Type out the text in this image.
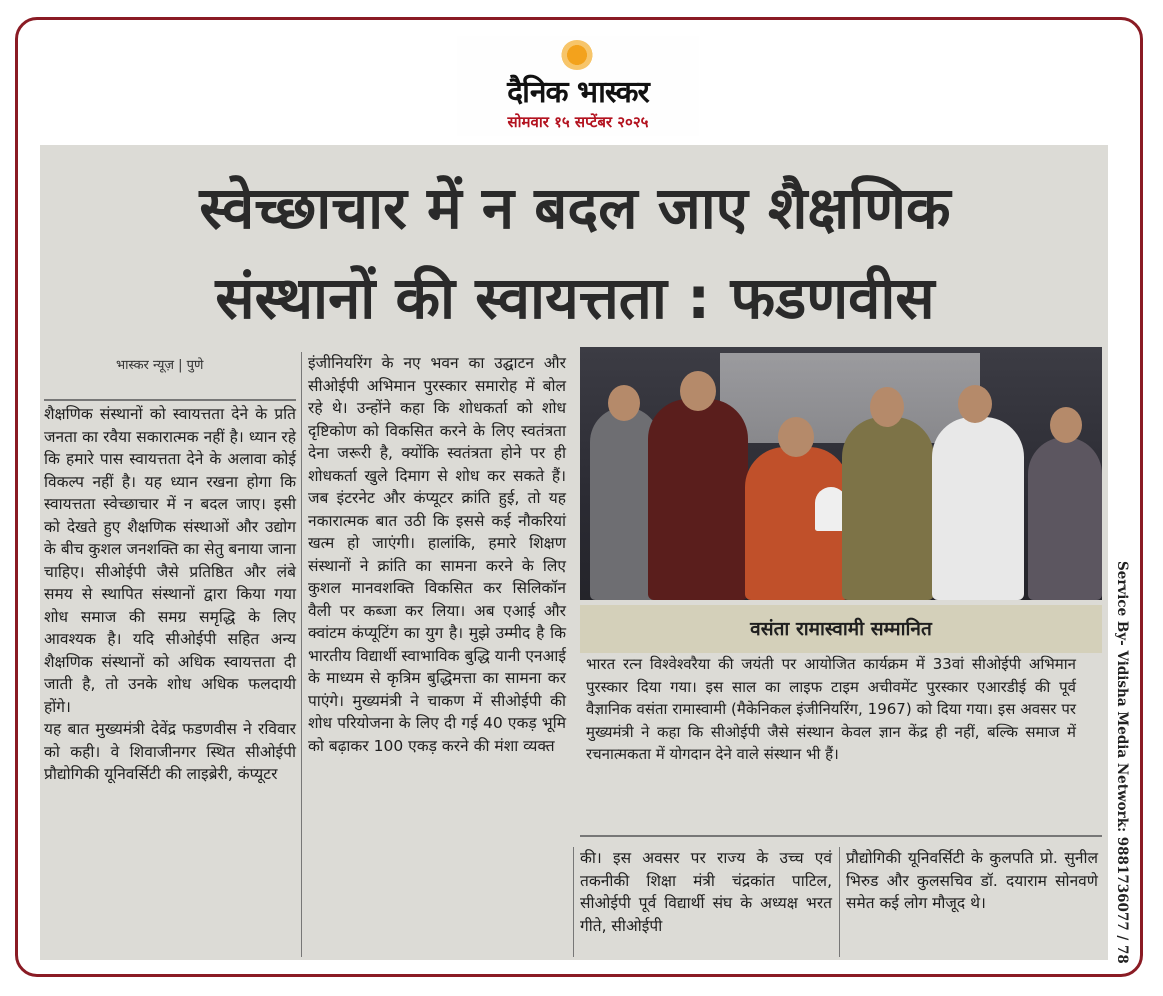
दैनिक भास्कर
सोमवार १५ सप्टेंबर २०२५
स्वेच्छाचार में न बदल जाए शैक्षणिक
संस्थानों की स्वायत्तता : फडणवीस
भास्कर न्यूज़ | पुणे

शैक्षणिक संस्थानों को स्वायत्तता देने के प्रति जनता का रवैया सकारात्मक नहीं है। ध्यान रहे कि हमारे पास स्वायत्तता देने के अलावा कोई विकल्प नहीं है। यह ध्यान रखना होगा कि स्वायत्तता स्वेच्छाचार में न बदल जाए। इसी को देखते हुए शैक्षणिक संस्थाओं और उद्योग के बीच कुशल जनशक्ति का सेतु बनाया जाना चाहिए। सीओईपी जैसे प्रतिष्ठित और लंबे समय से स्थापित संस्थानों द्वारा किया गया शोध समाज की समग्र समृद्धि के लिए आवश्यक है। यदि सीओईपी सहित अन्य शैक्षणिक संस्थानों को अधिक स्वायत्तता दी जाती है, तो उनके शोध अधिक फलदायी होंगे।

यह बात मुख्यमंत्री देवेंद्र फडणवीस ने रविवार को कही। वे शिवाजीनगर स्थित सीओईपी प्रौद्योगिकी यूनिवर्सिटी की लाइब्रेरी, कंप्यूटर

इंजीनियरिंग के नए भवन का उद्घाटन और सीओईपी अभिमान पुरस्कार समारोह में बोल रहे थे। उन्होंने कहा कि शोधकर्ता को शोध दृष्टिकोण को विकसित करने के लिए स्वतंत्रता देना जरूरी है, क्योंकि स्वतंत्रता होने पर ही शोधकर्ता खुले दिमाग से शोध कर सकते हैं। जब इंटरनेट और कंप्यूटर क्रांति हुई, तो यह नकारात्मक बात उठी कि इससे कई नौकरियां खत्म हो जाएंगी। हालांकि, हमारे शिक्षण संस्थानों ने क्रांति का सामना करने के लिए कुशल मानवशक्ति विकसित कर सिलिकॉन वैली पर कब्जा कर लिया। अब एआई और क्वांटम कंप्यूटिंग का युग है। मुझे उम्मीद है कि भारतीय विद्यार्थी स्वाभाविक बुद्धि यानी एनआई के माध्यम से कृत्रिम बुद्धिमत्ता का सामना कर पाएंगे। मुख्यमंत्री ने चाकण में सीओईपी की शोध परियोजना के लिए दी गई 40 एकड़ भूमि को बढ़ाकर 100 एकड़ करने की मंशा व्यक्त

वसंता रामास्वामी सम्मानित
भारत रत्न विश्वेश्वरैया की जयंती पर आयोजित कार्यक्रम में 33वां सीओईपी अभिमान पुरस्कार दिया गया। इस साल का लाइफ टाइम अचीवमेंट पुरस्कार एआरडीई की पूर्व वैज्ञानिक वसंता रामास्वामी (मैकेनिकल इंजीनियरिंग, 1967) को दिया गया। इस अवसर पर मुख्यमंत्री ने कहा कि सीओईपी जैसे संस्थान केवल ज्ञान केंद्र ही नहीं, बल्कि समाज में रचनात्मकता में योगदान देने वाले संस्थान भी हैं।

की। इस अवसर पर राज्य के उच्च एवं तकनीकी शिक्षा मंत्री चंद्रकांत पाटिल, सीओईपी पूर्व विद्यार्थी संघ के अध्यक्ष भरत गीते, सीओईपी

प्रौद्योगिकी यूनिवर्सिटी के कुलपति प्रो. सुनील भिरुड और कुलसचिव डॉ. दयाराम सोनवणे समेत कई लोग मौजूद थे।	Service By- Vidisha Media Network: 9881736077 / 78
